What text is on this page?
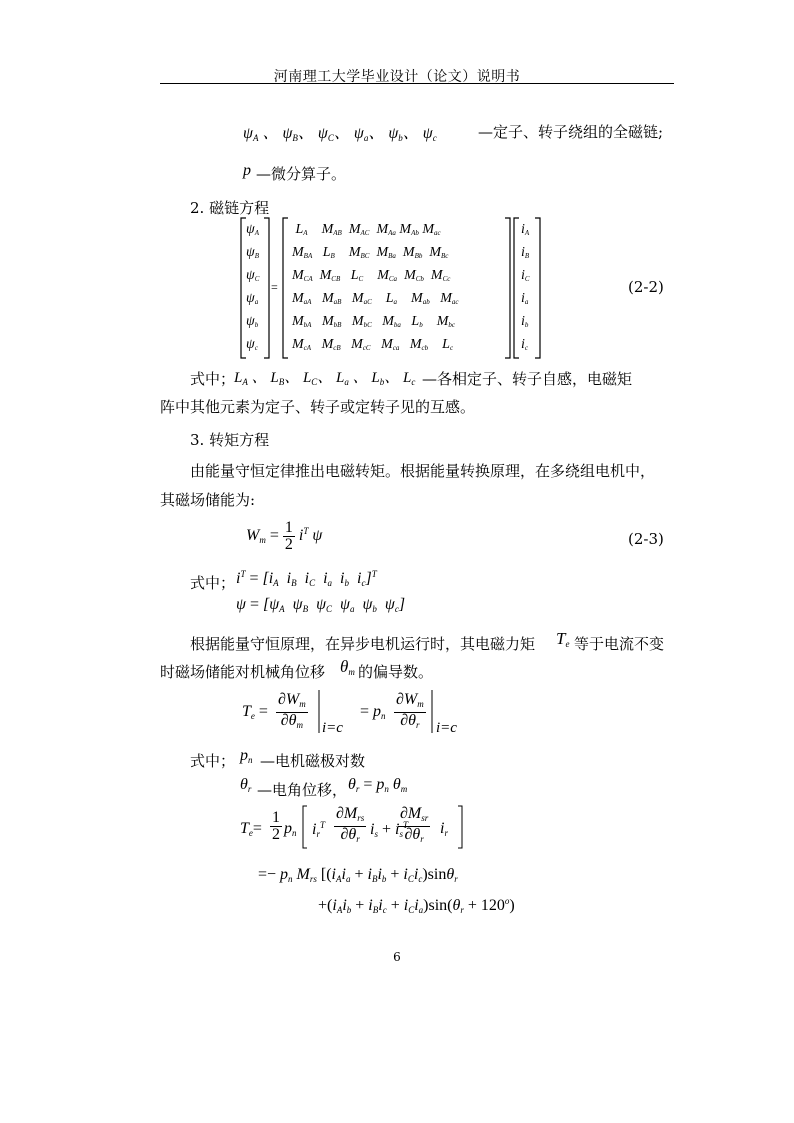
河南理工大学毕业设计（论文）说明书
$\psi_A$ 、 $\psi_B$、 $\psi_C$、 $\psi_a$、 $\psi_b$、 $\psi_c$	—定子、转子绕组的全磁链;
p —微分算子。
2. 磁链方程
$\psi_A$
$\psi_B$
$\psi_C$
$\psi_a$
$\psi_b$
$\psi_c$
=
$L_A$    $M_{AB}$  $M_{AC}$  $M_{Aa}$ $M_{Ab}$ $M_{ac}$
$M_{BA}$   $L_B$    $M_{BC}$  $M_{Ba}$  $M_{Bb}$  $M_{Bc}$
$M_{CA}$  $M_{CB}$   $L_C$    $M_{Ca}$  $M_{Cb}$  $M_{Cc}$
$M_{aA}$   $M_{aB}$   $M_{aC}$    $L_a$    $M_{ab}$   $M_{ac}$
$M_{bA}$   $M_{bB}$   $M_{bC}$   $M_{ba}$   $L_b$    $M_{bc}$
$M_{cA}$   $M_{cB}$   $M_{cC}$   $M_{ca}$   $M_{cb}$    $L_c$
$i_A$
$i_B$
$i_C$
$i_a$
$i_b$
$i_c$
(2-2)
式中；
$L_A$ 、 $L_B$、 $L_C$、 $L_a$ 、 $L_b$、 $L_c$ —各相定子、转子自感，电磁矩
阵中其他元素为定子、转子或定转子见的互感。
3. 转矩方程
由能量守恒定律推出电磁转矩。根据能量转换原理，在多绕组电机中，
其磁场储能为:
$W_m = \frac{1}{2} i^T$ ψ	(2-3)
式中； $i^T = [i_A$  $i_B$  $i_C$  $i_a$  $i_b$  $i_c]^T$
$\psi = [\psi_A$  $\psi_B$  $\psi_C$  $\psi_a$  $\psi_b$  $\psi_c$]
根据能量守恒原理，在异步电机运行时，其电磁力矩 $T_e$ 等于电流不变
时磁场储能对机械角位移 $\theta_m$ 的偏导数。
$T_e = \frac{\partial W_m}{\partial\theta_m} i=c$
= $p_n \frac{\partial W_m}{\partial\theta_r} i=c$
式中； $p_n$ —电机磁极对数
$\theta_r$ —电角位移， $\theta_r = p_n$ $\theta_m$
$T_e= \frac{1}{2} p_n$ $i_r^T \frac{\partial M_{rs}}{\partial\theta_r} i_s + i_s^T$
$\frac{\partial M_{sr}}{\partial\theta_r} i_r$
=− $p_n$ $M_{rs}$ [$(i_Ai_a + i_Bi_b + i_Ci_c)\sin\theta_r$
$+(i_Ai_b + i_Bi_c + i_Ci_a)\sin(\theta_r + 120^o)$
6
